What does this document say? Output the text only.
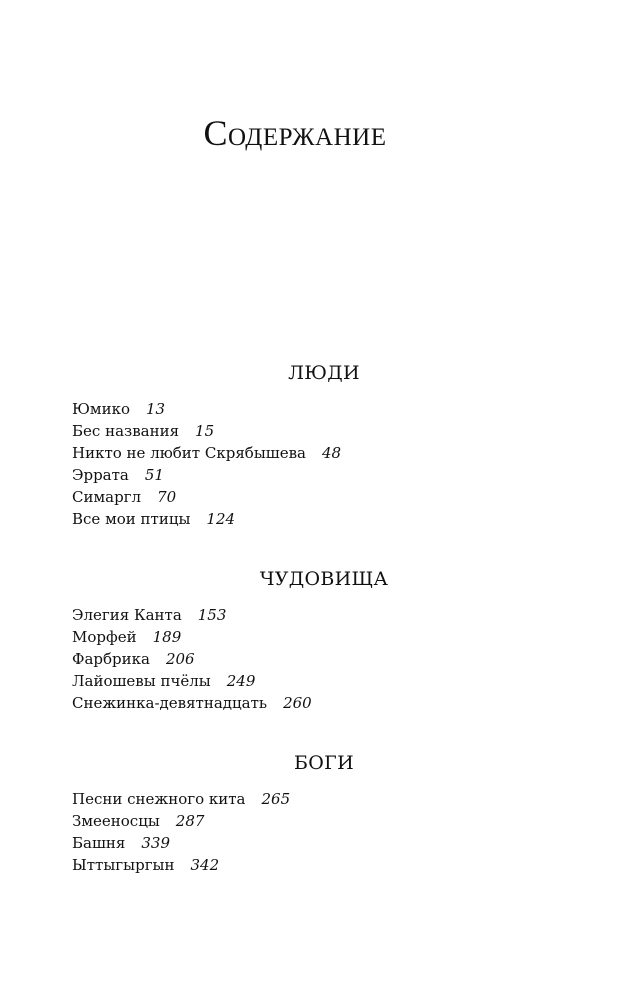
Содержание
ЛЮДИ
Юмико 13
Бес названия 15
Никто не любит Скрябышева 48
Эррата 51
Симаргл 70
Все мои птицы 124
ЧУДОВИЩА
Элегия Канта 153
Морфей 189
Фарбрика 206
Лайошевы пчёлы 249
Снежинка-девятнадцать 260
БОГИ
Песни снежного кита 265
Змееносцы 287
Башня 339
Ыттыгыргын 342
